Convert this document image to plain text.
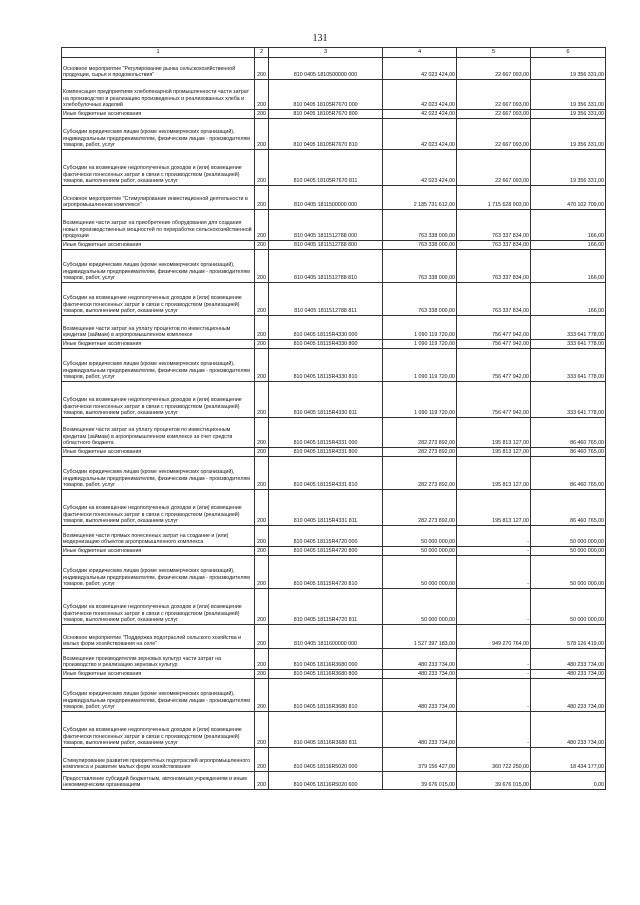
131
1	2	3	4	5	6
Основное мероприятие "Регулирование рынка сельскохозяйственной продукции, сырья и продовольствия"	200	810 0405 1810500000 000	42 023 424,00	22 667 093,00	19 356 331,00
Компенсация предприятиям хлебопекарной промышленности части затрат на производство и реализацию произведенных и реализованных хлеба и хлебобулочных изделий	200	810 0405 18105R7670 000	42 023 424,00	22 667 093,00	19 356 331,00
Иные бюджетные ассигнования	200	810 0405 18105R7670 800	42 023 424,00	22 667 093,00	19 356 331,00
Субсидии юридическим лицам (кроме некоммерческих организаций), индивидуальным предпринимателям, физическим лицам - производителям товаров, работ, услуг	200	810 0405 18105R7670 810	42 023 424,00	22 667 093,00	19 356 331,00
Субсидии на возмещение недополученных доходов и (или) возмещение фактически понесенных затрат в связи с производством (реализацией) товаров, выполнением работ, оказанием услуг	200	810 0405 18105R7670 811	42 023 424,00	22 667 093,00	19 356 331,00
Основное мероприятие "Стимулирование инвестиционной деятельности в агропромышленном комплексе"	200	810 0405 1811500000 000	2 185 731 612,00	1 715 628 903,00	470 102 709,00
Возмещение части затрат на приобретение оборудования для создания новых производственных мощностей по переработке сельскохозяйственной продукции	200	810 0405 1811512788 000	763 338 000,00	763 337 834,00	166,00
Иные бюджетные ассигнования	200	810 0405 1811512788 800	763 338 000,00	763 337 834,00	166,00
Субсидии юридическим лицам (кроме некоммерческих организаций), индивидуальным предпринимателям, физическим лицам - производителям товаров, работ, услуг	200	810 0405 1811512788 810	763 338 000,00	763 337 834,00	166,00
Субсидии на возмещение недополученных доходов и (или) возмещение фактически понесенных затрат в связи с производством (реализацией) товаров, выполнением работ, оказанием услуг	200	810 0405 1811512788 811	763 338 000,00	763 337 834,00	166,00
Возмещение части затрат на уплату процентов по инвестиционным кредитам (займам) в агропромышленном комплексе	200	810 0405 18115R4330 000	1 090 119 720,00	756 477 942,00	333 641 778,00
Иные бюджетные ассигнования	200	810 0405 18115R4330 800	1 090 119 720,00	756 477 942,00	333 641 778,00
Субсидии юридическим лицам (кроме некоммерческих организаций), индивидуальным предпринимателям, физическим лицам - производителям товаров, работ, услуг	200	810 0405 18115R4330 810	1 090 119 720,00	756 477 942,00	333 641 778,00
Субсидии на возмещение недополученных доходов и (или) возмещение фактически понесенных затрат в связи с производством (реализацией) товаров, выполнением работ, оказанием услуг	200	810 0405 18115R4330 811	1 090 119 720,00	756 477 942,00	333 641 778,00
Возмещение части затрат на уплату процентов по инвестиционным кредитам (займам) в агропромышленном комплексе за счет средств областного бюджета	200	810 0405 18115R4331 000	282 273 892,00	195 813 127,00	86 460 765,00
Иные бюджетные ассигнования	200	810 0405 18115R4331 800	282 273 892,00	195 813 127,00	86 460 765,00
Субсидии юридическим лицам (кроме некоммерческих организаций), индивидуальным предпринимателям, физическим лицам - производителям товаров, работ, услуг	200	810 0405 18115R4331 810	282 273 892,00	195 813 127,00	86 460 765,00
Субсидии на возмещение недополученных доходов и (или) возмещение фактически понесенных затрат в связи с производством (реализацией) товаров, выполнением работ, оказанием услуг	200	810 0405 18115R4331 811	282 273 892,00	195 813 127,00	86 460 765,00
Возмещение части прямых понесенных затрат на создание и (или) модернизацию объектов агропромышленного комплекса	200	810 0405 18115R4720 000	50 000 000,00	-	50 000 000,00
Иные бюджетные ассигнования	200	810 0405 18115R4720 800	50 000 000,00	-	50 000 000,00
Субсидии юридическим лицам (кроме некоммерческих организаций), индивидуальным предпринимателям, физическим лицам - производителям товаров, работ, услуг	200	810 0405 18115R4720 810	50 000 000,00	-	50 000 000,00
Субсидии на возмещение недополученных доходов и (или) возмещение фактически понесенных затрат в связи с производством (реализацией) товаров, выполнением работ, оказанием услуг	200	810 0405 18115R4720 811	50 000 000,00	-	50 000 000,00
Основное мероприятие "Поддержка подотраслей сельского хозяйства и малых форм хозяйствования на селе"	200	810 0405 1811600000 000	1 527 397 183,00	949 270 764,00	578 126 419,00
Возмещение производителям зерновых культур части затрат на производство и реализацию зерновых культур	200	810 0405 18116R3680 000	480 233 734,00	-	480 233 734,00
Иные бюджетные ассигнования	200	810 0405 18116R3680 800	480 233 734,00	-	480 233 734,00
Субсидии юридическим лицам (кроме некоммерческих организаций), индивидуальным предпринимателям, физическим лицам - производителям товаров, работ, услуг	200	810 0405 18116R3680 810	480 233 734,00	-	480 233 734,00
Субсидии на возмещение недополученных доходов и (или) возмещение фактически понесенных затрат в связи с производством (реализацией) товаров, выполнением работ, оказанием услуг	200	810 0405 18116R3680 811	480 233 734,00	-	480 233 734,00
Стимулирование развития приоритетных подотраслей агропромышленного комплекса и развитие малых форм хозяйствования	200	810 0405 18116R5020 000	379 156 427,00	360 722 250,00	18 434 177,00
Предоставление субсидий бюджетным, автономным учреждениям и иным некоммерческим организациям	200	810 0405 18116R5020 600	39 676 015,00	39 676 015,00	0,00
